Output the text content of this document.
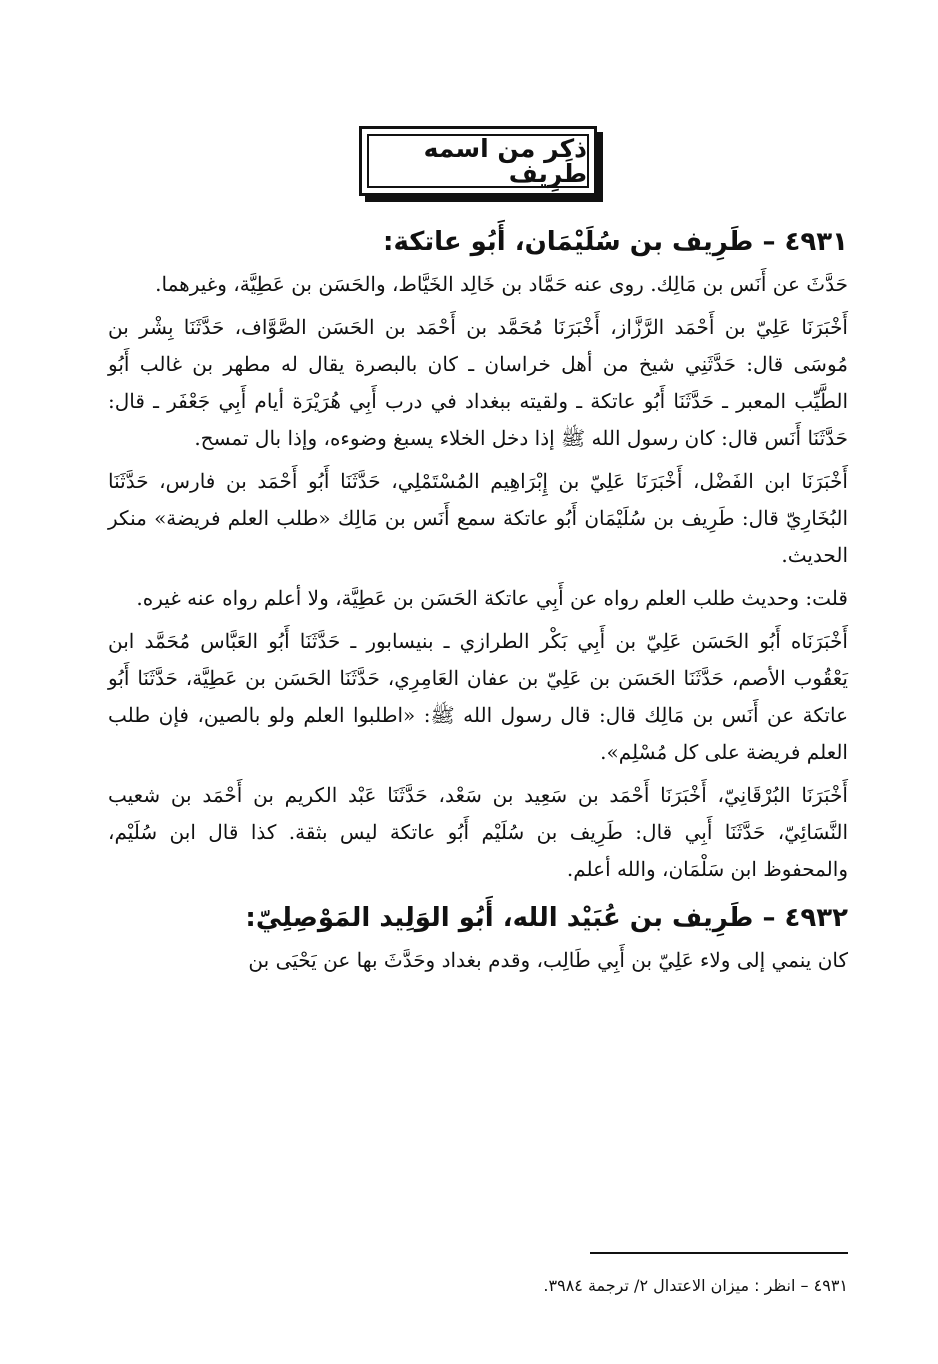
ذكر من اسمه طَرِيف
٤٩٣١ – طَرِيف بن سُلَيْمَان، أَبُو عاتكة:

حَدَّثَ عن أَنَس بن مَالِك. روى عنه حَمَّاد بن خَالِد الخَيَّاط، والحَسَن بن عَطِيَّة، وغيرهما.

أَخْبَرَنَا عَلِيّ بن أَحْمَد الرَّزَّاز، أَخْبَرَنَا مُحَمَّد بن أَحْمَد بن الحَسَن الصَّوَّاف، حَدَّثَنَا بِشْر بن مُوسَى قال: حَدَّثَنِي شيخ من أهل خراسان ـ كان بالبصرة يقال له مطهر بن غالب أَبُو الطَّيِّب المعبر ـ حَدَّثَنَا أَبُو عاتكة ـ ولقيته ببغداد في درب أَبِي هُرَيْرَة أيام أَبِي جَعْفَر ـ قال: حَدَّثَنَا أَنَس قال: كان رسول الله ﷺ إذا دخل الخلاء يسبغ وضوءه، وإذا بال تمسح.

أَخْبَرَنَا ابن الفَضْل، أَخْبَرَنَا عَلِيّ بن إِبْرَاهِيم المُسْتَمْلِي، حَدَّثَنَا أَبُو أَحْمَد بن فارس، حَدَّثَنَا البُخَارِيّ قال: طَرِيف بن سُلَيْمَان أَبُو عاتكة سمع أَنَس بن مَالِك «طلب العلم فريضة» منكر الحديث.

قلت: وحديث طلب العلم رواه عن أَبِي عاتكة الحَسَن بن عَطِيَّة، ولا أعلم رواه عنه غيره.

أَخْبَرَنَاه أَبُو الحَسَن عَلِيّ بن أَبِي بَكْر الطرازي ـ بنيسابور ـ حَدَّثَنَا أَبُو العَبَّاس مُحَمَّد ابن يَعْقُوب الأصم، حَدَّثَنَا الحَسَن بن عَلِيّ بن عفان العَامِرِي، حَدَّثَنَا الحَسَن بن عَطِيَّة، حَدَّثَنَا أَبُو عاتكة عن أَنَس بن مَالِك قال: قال رسول الله ﷺ: «اطلبوا العلم ولو بالصين، فإن طلب العلم فريضة على كل مُسْلِم».

أَخْبَرَنَا البُرْقَانِيّ، أَخْبَرَنَا أَحْمَد بن سَعِيد بن سَعْد، حَدَّثَنَا عَبْد الكريم بن أَحْمَد بن شعيب النَّسَائِيّ، حَدَّثَنَا أَبِي قال: طَرِيف بن سُلَيْم أَبُو عاتكة ليس بثقة. كذا قال ابن سُلَيْم، والمحفوظ ابن سَلْمَان، والله أعلم.

٤٩٣٢ – طَرِيف بن عُبَيْد الله، أَبُو الوَلِيد المَوْصِلِيّ:

كان ينمي إلى ولاء عَلِيّ بن أَبِي طَالِب، وقدم بغداد وحَدَّثَ بها عن يَحْيَى بن

٤٩٣١ – انظر : ميزان الاعتدال ٢/ ترجمة ٣٩٨٤.
